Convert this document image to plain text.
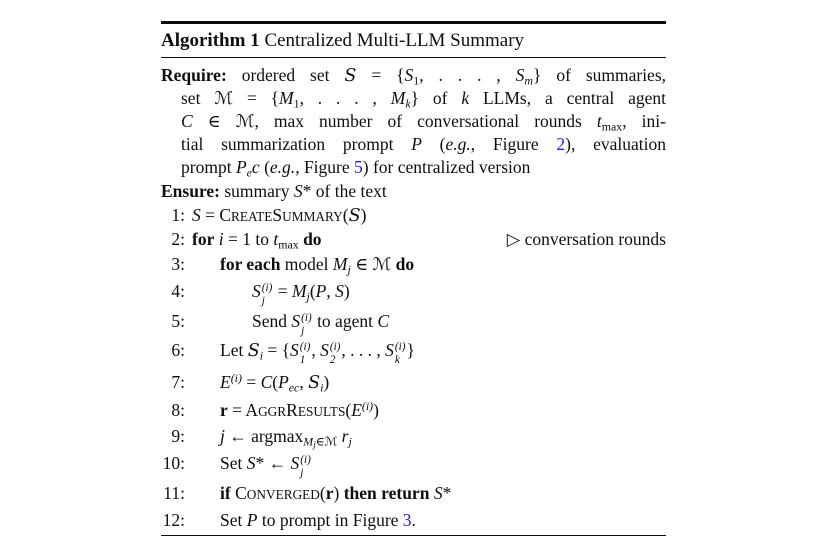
Algorithm 1 Centralized Multi-LLM Summary
Require: ordered set $S = \{S_1$, . . . , $S_m$} of summaries,
set ℳ = {$M_1$, . . . , $M_k$} of k LLMs, a central agent
C ∈ ℳ, max number of conversational rounds $t_{max}$, ini-
tial summarization prompt P (e.g., Figure 2), evaluation
prompt $P_ec$ (e.g., Figure 5) for centralized version
Ensure: summary S* of the text
1: S = CREATESUMMARY(S)
2: for i = 1 to $t_{max}$ do	▷ conversation rounds
3: for each model $M_j$ ∈ ℳ do
4:	S (i)
j
= $M_j(P$, S)
5:	Send S (i)
j
to agent C
6: Let $S_i = \{S$ (i)
1
, S (i)
2
, . . . , S (i)
k
}
7: $E^{(i)} = C(P_{ec}$, $S_i$)
8: $r = AGGRRESULTS(E^{(i)})$
9: j ← argmax$_{Mj\in ℳ}$ $r_j$
10: Set S* ← S (i)
j
11: if CONVERGED(r) then return S*
12: Set P to prompt in Figure 3.
